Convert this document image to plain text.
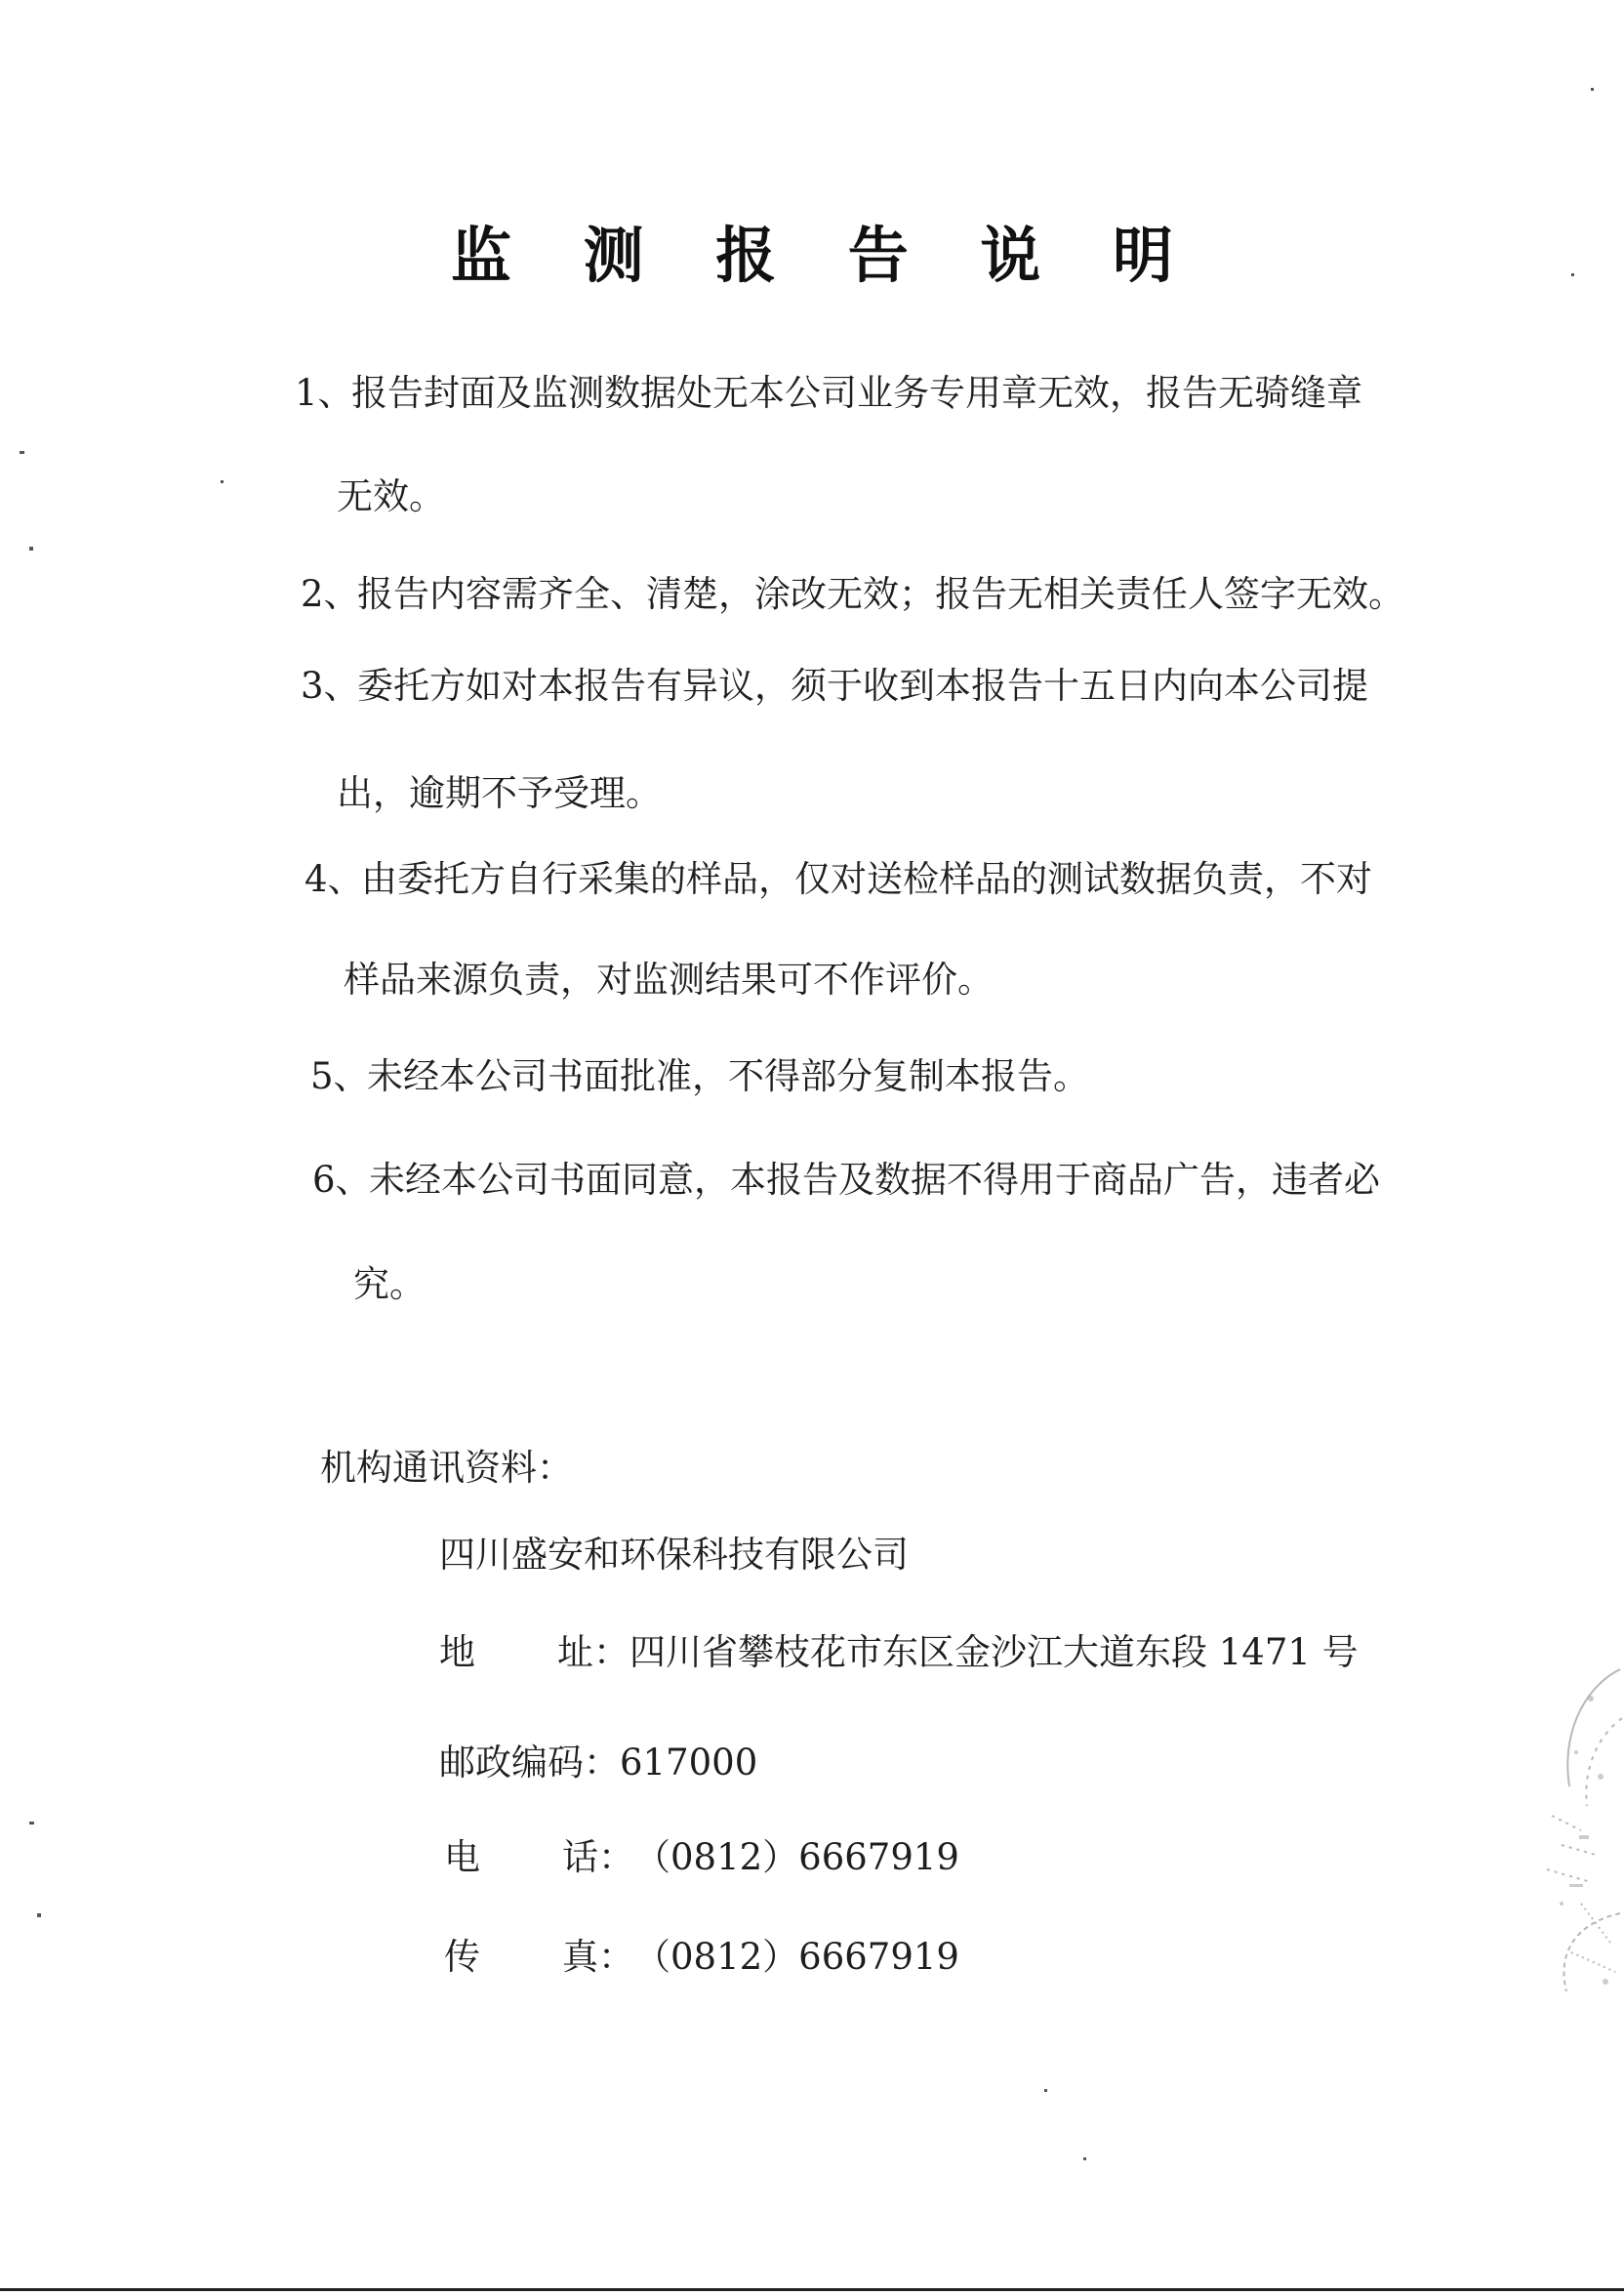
监 测 报 告 说 明
1、报告封面及监测数据处无本公司业务专用章无效，报告无骑缝章
无效。
2、报告内容需齐全、清楚，涂改无效；报告无相关责任人签字无效。
3、委托方如对本报告有异议，须于收到本报告十五日内向本公司提
出，逾期不予受理。
4、由委托方自行采集的样品，仅对送检样品的测试数据负责，不对
样品来源负责，对监测结果可不作评价。
5、未经本公司书面批准，不得部分复制本报告。
6、未经本公司书面同意，本报告及数据不得用于商品广告，违者必
究。
机构通讯资料：
四川盛安和环保科技有限公司
地 址：四川省攀枝花市东区金沙江大道东段 1471 号
邮政编码：617000
电 话：（0812）6667919
传 真：（0812）6667919
